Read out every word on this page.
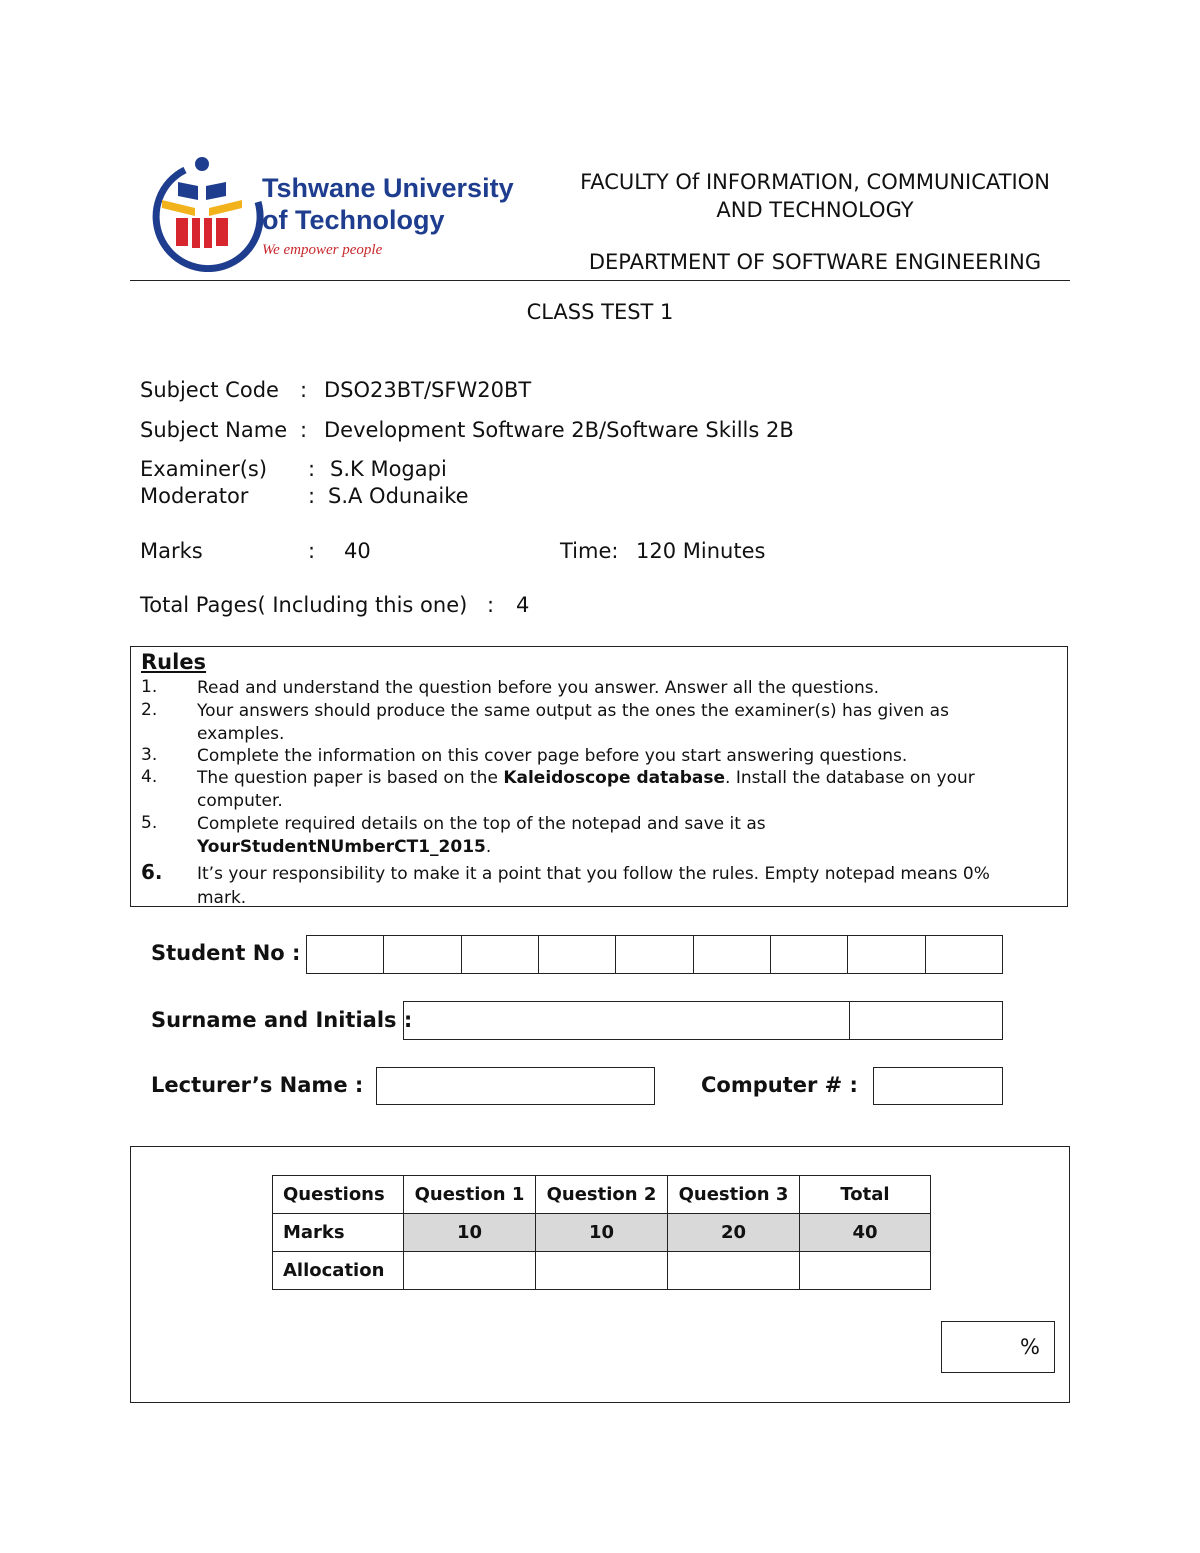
Tshwane University
of Technology
We empower people
FACULTY Of INFORMATION, COMMUNICATION
AND TECHNOLOGY
DEPARTMENT OF SOFTWARE ENGINEERING
CLASS TEST 1
Subject Code : DSO23BT/SFW20BT
Subject Name : Development Software 2B/Software Skills 2B
Examiner(s) : S.K Mogapi
Moderator	: S.A Odunaike
Marks	: 40	Time: 120 Minutes
Total Pages( Including this one) : 4
Rules
1. Read and understand the question before you answer. Answer all the questions.
2. Your answers should produce the same output as the ones the examiner(s) has given as examples.
3. Complete the information on this cover page before you start answering questions.
4. The question paper is based on the Kaleidoscope database. Install the database on your computer.
5. Complete required details on the top of the notepad and save it as YourStudentNUmberCT1_2015.
6. It’s your responsibility to make it a point that you follow the rules. Empty notepad means 0% mark.
Student No :
Surname and Initials :
Lecturer’s Name :	Computer # :
Questions	Question 1	Question 2	Question 3	Total
Marks	10	10	20	40
Allocation				
%
